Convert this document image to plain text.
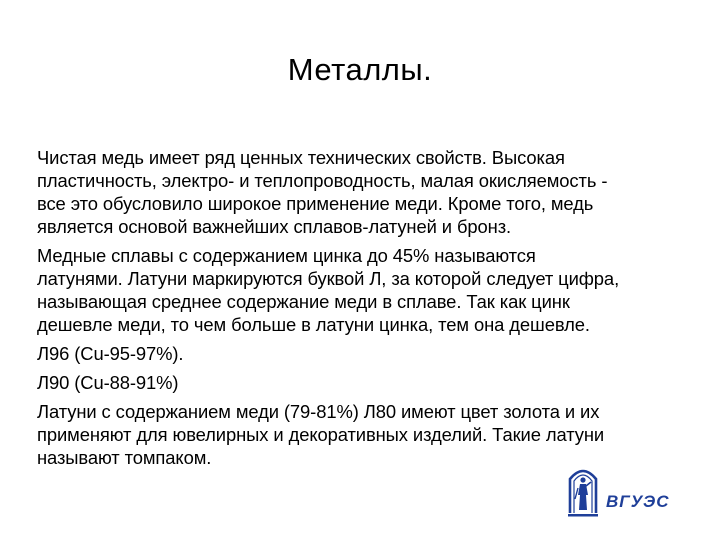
Металлы.
Чистая медь имеет ряд ценных технических свойств. Высокая
пластичность, электро- и теплопроводность, малая окисляемость -
все это обусловило широкое применение меди. Кроме того, медь
является основой важнейших сплавов-латуней и бронз.
Медные сплавы с содержанием цинка до 45% называются
латунями. Латуни маркируются буквой Л, за которой следует цифра,
называющая среднее содержание меди в сплаве. Так как цинк
дешевле меди, то чем больше в латуни цинка, тем она дешевле.
Л96 (Cu-95-97%).
Л90 (Cu-88-91%)
Латуни с содержанием меди (79-81%) Л80 имеют цвет золота и их
применяют для ювелирных и декоративных изделий. Такие латуни
называют томпаком.
ВГУЭС
